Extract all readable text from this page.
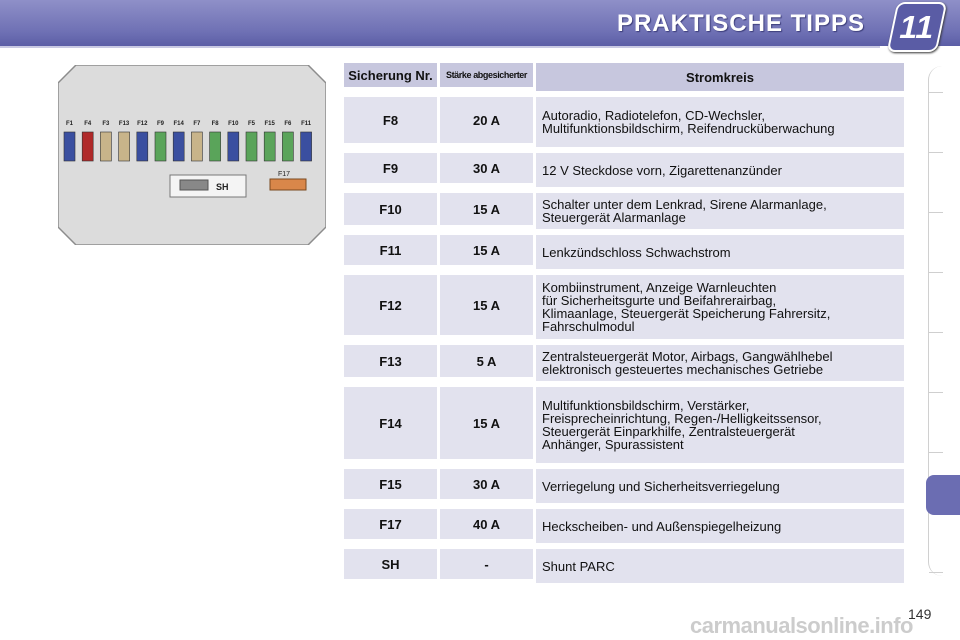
PRAKTISCHE TIPPS 11
F1 F4 F3 F13 F12 F9 F14 F7 F8 F10 F5 F15 F6 F11
SH
F17
Sicherung Nr.	Stärke abgesicherter	Stromkreis
F8	20 A	Autoradio, Radiotelefon, CD-Wechsler,
Multifunktionsbildschirm, Reifendrucküberwachung
F9	30 A	12 V Steckdose vorn, Zigarettenanzünder
F10	15 A	Schalter unter dem Lenkrad, Sirene Alarmanlage,
Steuergerät Alarmanlage
F11	15 A	Lenkzündschloss Schwachstrom
F12	15 A
Kombiinstrument, Anzeige Warnleuchten
für Sicherheitsgurte und Beifahrerairbag,
Klimaanlage, Steuergerät Speicherung Fahrersitz,
Fahrschulmodul
F13	5 A	Zentralsteuergerät Motor, Airbags, Gangwählhebel
elektronisch gesteuertes mechanisches Getriebe
F14	15 A
Multifunktionsbildschirm, Verstärker,
Freisprecheinrichtung, Regen-/Helligkeitssensor,
Steuergerät Einparkhilfe, Zentralsteuergerät
Anhänger, Spurassistent
F15	30 A	Verriegelung und Sicherheitsverriegelung
F17	40 A	Heckscheiben- und Außenspiegelheizung
SH	-	Shunt PARC
149
carmanualsonline.info
